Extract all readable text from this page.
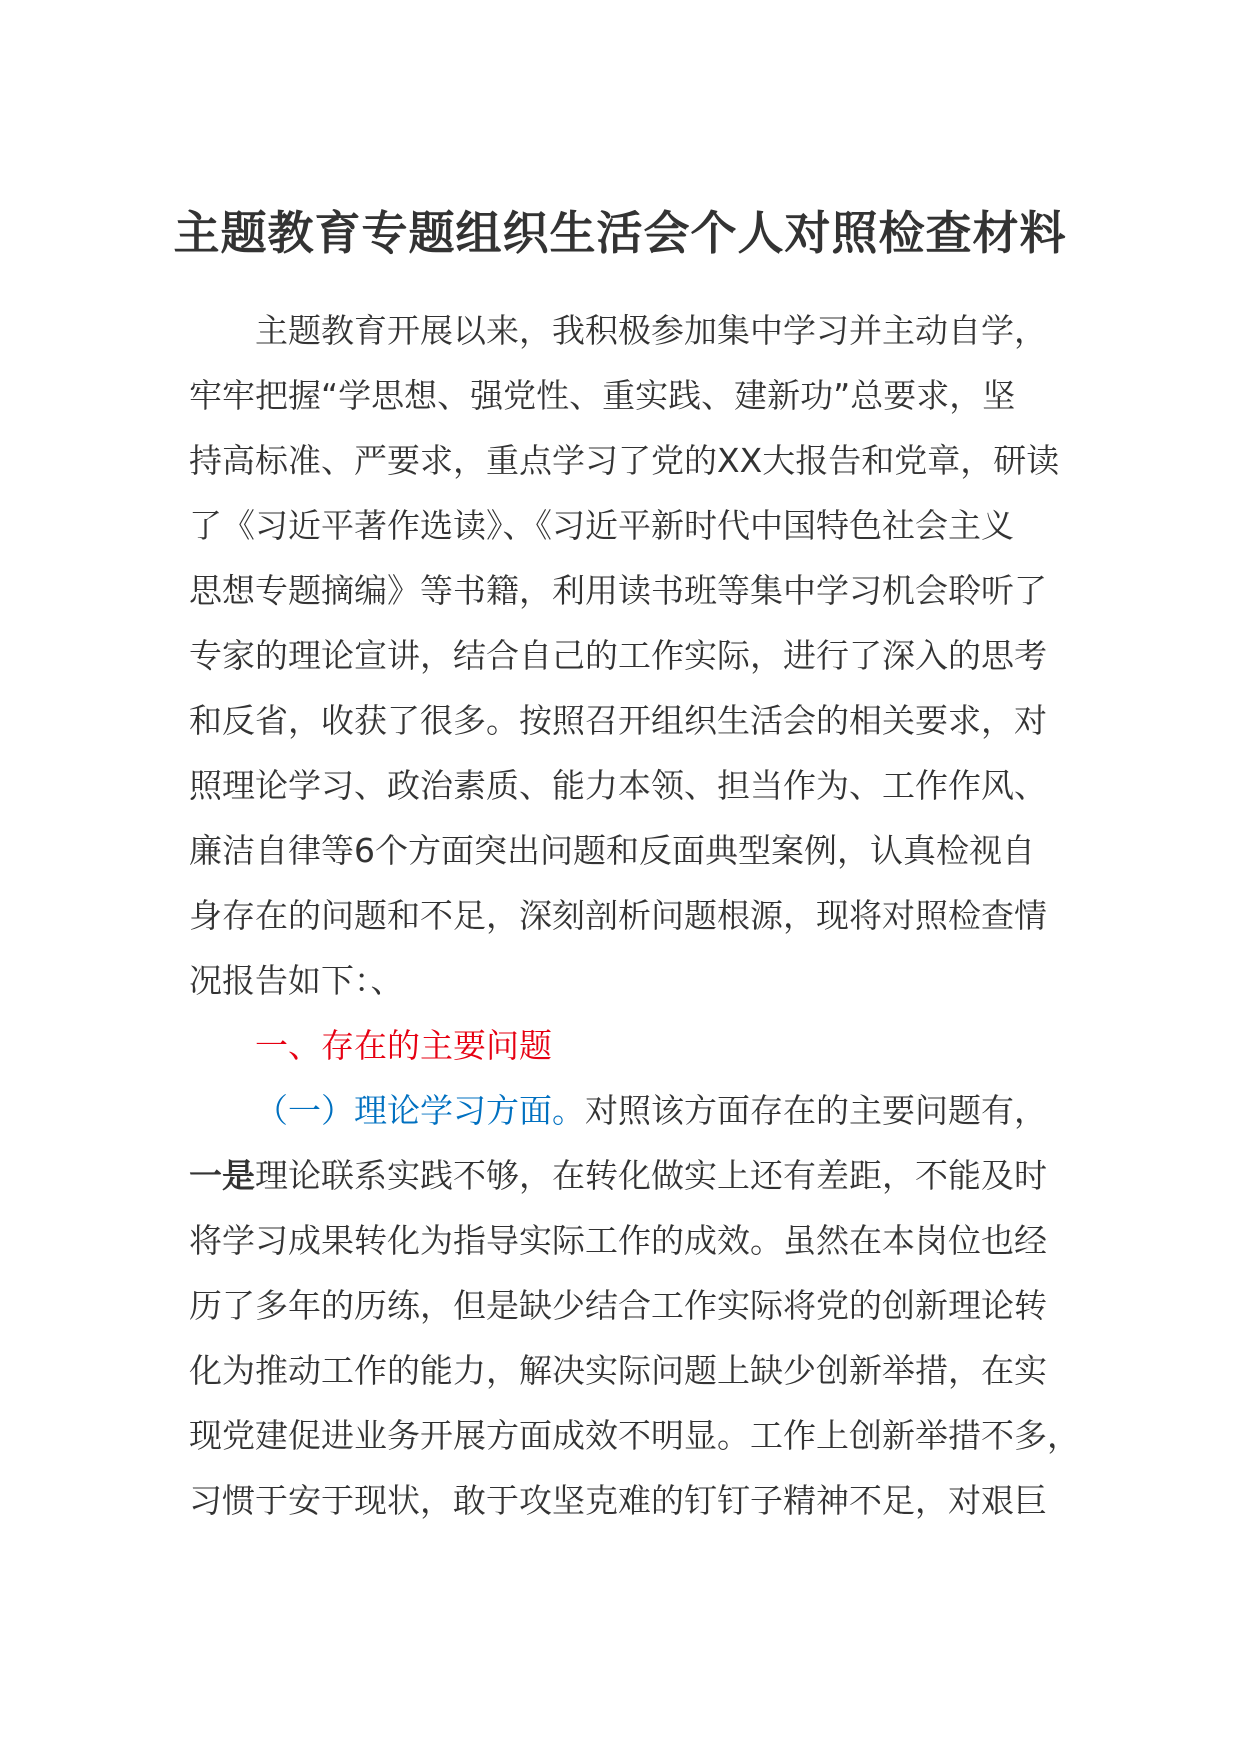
主题教育专题组织生活会个人对照检查材料
主题教育开展以来，我积极参加集中学习并主动自学，
牢牢把握“学思想、强党性、重实践、建新功”总要求，坚
持高标准、严要求，重点学习了党的XX大报告和党章，研读
了《习近平著作选读》、《习近平新时代中国特色社会主义
思想专题摘编》等书籍，利用读书班等集中学习机会聆听了
专家的理论宣讲，结合自己的工作实际，进行了深入的思考
和反省，收获了很多。按照召开组织生活会的相关要求，对
照理论学习、政治素质、能力本领、担当作为、工作作风、
廉洁自律等6个方面突出问题和反面典型案例，认真检视自
身存在的问题和不足，深刻剖析问题根源，现将对照检查情
况报告如下：、
一、存在的主要问题
（一）理论学习方面。对照该方面存在的主要问题有，
一是理论联系实践不够，在转化做实上还有差距，不能及时
将学习成果转化为指导实际工作的成效。虽然在本岗位也经
历了多年的历练，但是缺少结合工作实际将党的创新理论转
化为推动工作的能力，解决实际问题上缺少创新举措，在实
现党建促进业务开展方面成效不明显。工作上创新举措不多，
习惯于安于现状，敢于攻坚克难的钉钉子精神不足，对艰巨
